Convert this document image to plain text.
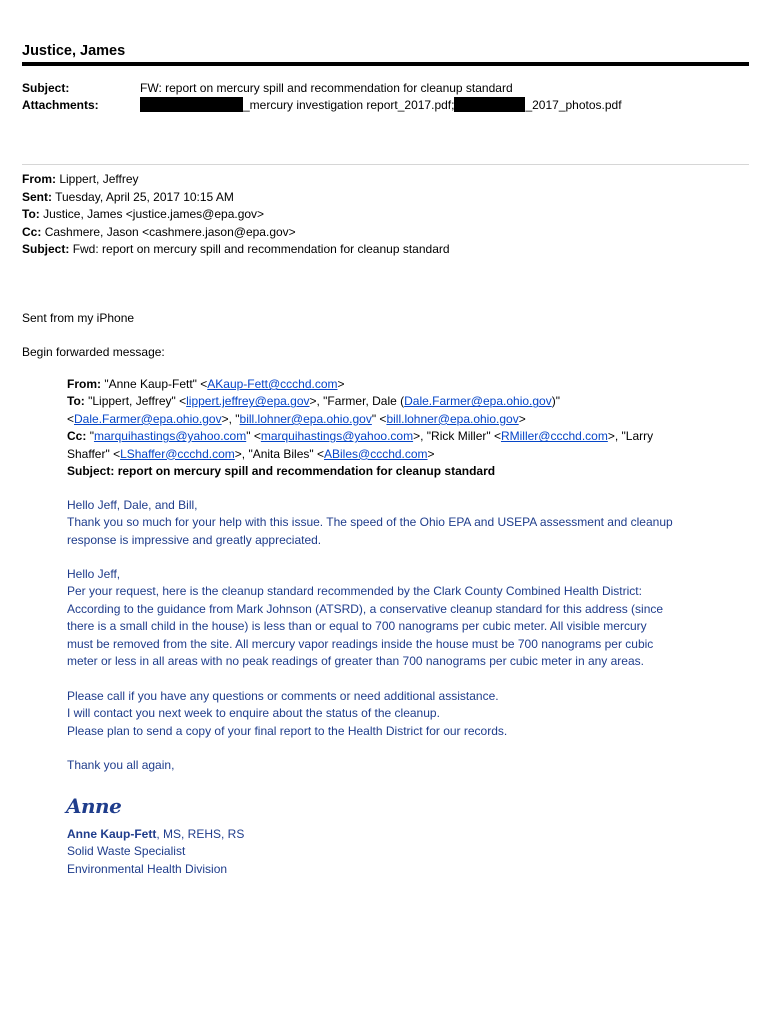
Justice, James
Subject:	FW: report on mercury spill and recommendation for cleanup standard
Attachments:	_mercury investigation report_2017.pdf;	_2017_photos.pdf
From: Lippert, Jeffrey
Sent: Tuesday, April 25, 2017 10:15 AM
To: Justice, James <justice.james@epa.gov>
Cc: Cashmere, Jason <cashmere.jason@epa.gov>
Subject: Fwd: report on mercury spill and recommendation for cleanup standard
Sent from my iPhone
Begin forwarded message:
From: "Anne Kaup-Fett" <AKaup-Fett@ccchd.com>
To: "Lippert, Jeffrey" <lippert.jeffrey@epa.gov>, "Farmer, Dale (Dale.Farmer@epa.ohio.gov)"
<Dale.Farmer@epa.ohio.gov>, "bill.lohner@epa.ohio.gov" <bill.lohner@epa.ohio.gov>
Cc: "marquihastings@yahoo.com" <marquihastings@yahoo.com>, "Rick Miller" <RMiller@ccchd.com>, "Larry
Shaffer" <LShaffer@ccchd.com>, "Anita Biles" <ABiles@ccchd.com>
Subject: report on mercury spill and recommendation for cleanup standard
Hello Jeff, Dale, and Bill,
Thank you so much for your help with this issue. The speed of the Ohio EPA and USEPA assessment and cleanup
response is impressive and greatly appreciated.
Hello Jeff,
Per your request, here is the cleanup standard recommended by the Clark County Combined Health District:
According to the guidance from Mark Johnson (ATSRD), a conservative cleanup standard for this address (since
there is a small child in the house) is less than or equal to 700 nanograms per cubic meter. All visible mercury
must be removed from the site. All mercury vapor readings inside the house must be 700 nanograms per cubic
meter or less in all areas with no peak readings of greater than 700 nanograms per cubic meter in any areas.
Please call if you have any questions or comments or need additional assistance.
I will contact you next week to enquire about the status of the cleanup.
Please plan to send a copy of your final report to the Health District for our records.
Thank you all again,
Anne
Anne Kaup-Fett, MS, REHS, RS
Solid Waste Specialist
Environmental Health Division
